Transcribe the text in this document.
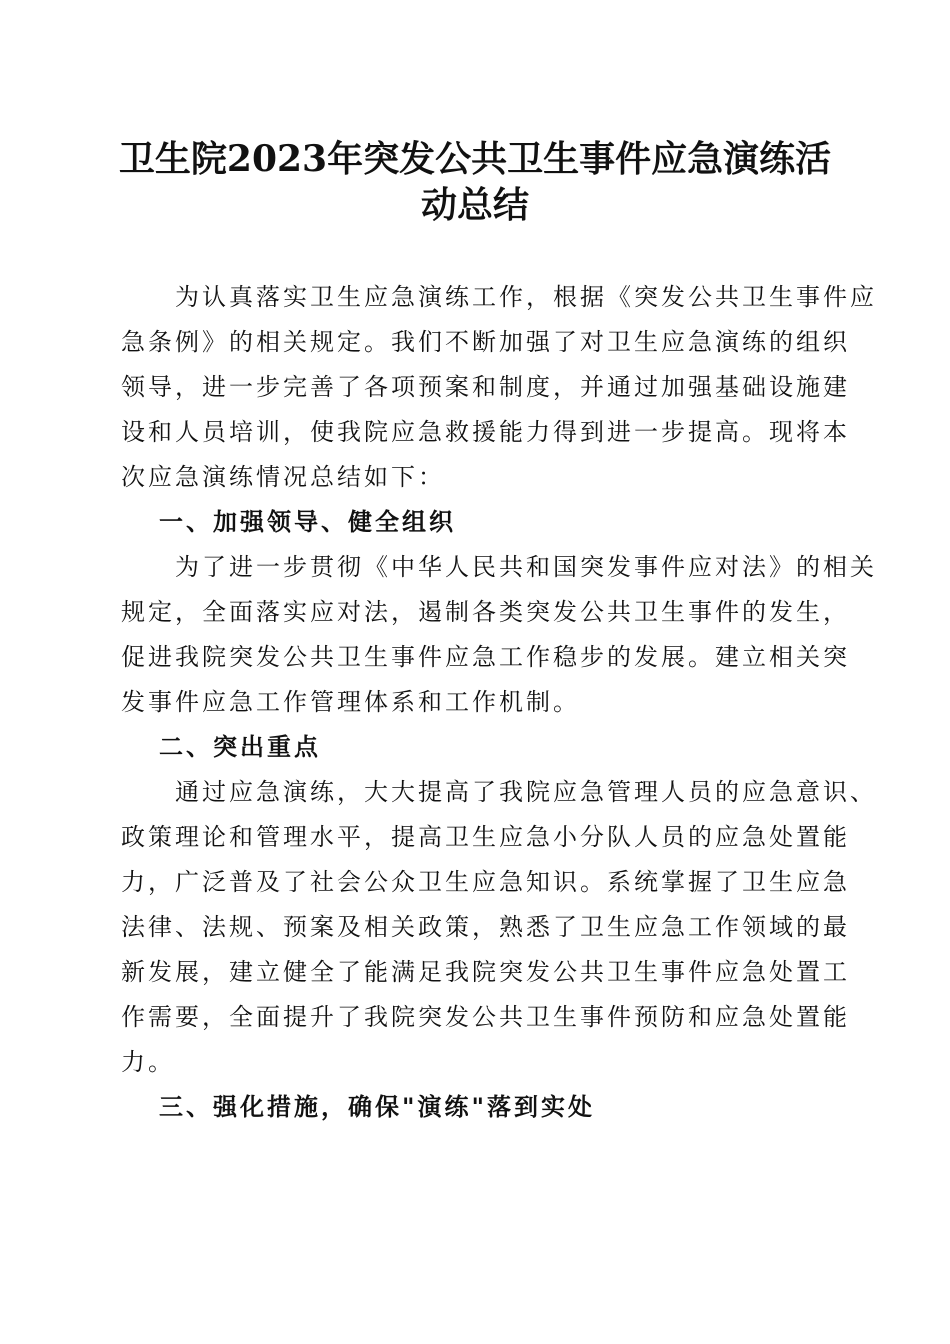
卫生院2023年突发公共卫生事件应急演练活
动总结
为认真落实卫生应急演练工作，根据《突发公共卫生事件应
急条例》的相关规定。我们不断加强了对卫生应急演练的组织
领导，进一步完善了各项预案和制度，并通过加强基础设施建
设和人员培训，使我院应急救援能力得到进一步提高。现将本
次应急演练情况总结如下：
一、加强领导、健全组织
为了进一步贯彻《中华人民共和国突发事件应对法》的相关
规定，全面落实应对法，遏制各类突发公共卫生事件的发生，
促进我院突发公共卫生事件应急工作稳步的发展。建立相关突
发事件应急工作管理体系和工作机制。
二、突出重点
通过应急演练，大大提高了我院应急管理人员的应急意识、
政策理论和管理水平，提高卫生应急小分队人员的应急处置能
力，广泛普及了社会公众卫生应急知识。系统掌握了卫生应急
法律、法规、预案及相关政策，熟悉了卫生应急工作领域的最
新发展，建立健全了能满足我院突发公共卫生事件应急处置工
作需要，全面提升了我院突发公共卫生事件预防和应急处置能
力。
三、强化措施，确保"演练"落到实处
